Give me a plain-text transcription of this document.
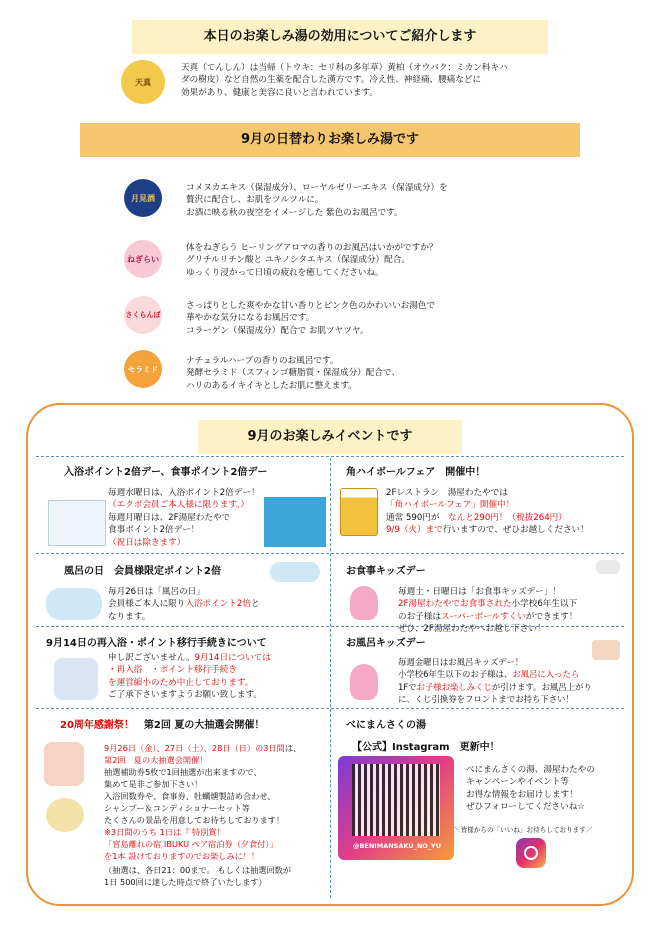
本日のお楽しみ湯の効用についてご紹介します
天真
天真（てんしん）は当帰（トウキ：セリ科の多年草）黄柏（オウバク：ミカン科キハ
ダの樹皮）など自然の生薬を配合した漢方です。冷え性、神経痛、腰痛などに
効果があり、健康と美容に良いと言われています。
9月の日替わりお楽しみ湯です
月見酒
コメヌカエキス（保湿成分）、ローヤルゼリーエキス（保湿成分）を
贅沢に配合し、お肌をツルツルに。
お酒に映る秋の夜空をイメージした 紫色のお風呂です。
ねぎらい
体をねぎらう ヒーリングアロマの香りのお風呂はいかがですか？
グリチルリチン酸と ユキノシタエキス（保湿成分）配合。
ゆっくり浸かって日頃の疲れを癒してくださいね。
さくらんぼ
さっぱりとした爽やかな甘い香りとピンク色のかわいいお湯色で
華やかな気分になるお風呂です。
コラーゲン（保湿成分）配合で お肌ツヤツヤ。
セラミド
ナチュラルハーブの香りのお風呂です。
発酵セラミド（スフィンゴ糖脂質・保湿成分）配合で、
ハリのあるイキイキとしたお肌に整えます。
9月のお楽しみイベントです
入浴ポイント2倍デー、食事ポイント2倍デー
毎週水曜日は、入浴ポイント2倍デー！
（エクボ会員ご本人様に限ります。）
毎週月曜日は、2F湯屋わたやで
食事ポイント2倍デー！
（祝日は除きます）
角ハイボールフェア　開催中！
2Fレストラン　湯屋わたやでは
「角ハイボールフェア」開催中！
通常 590円が　 なんと290円！（税抜264円）
9/9（火）まで行いますので、ぜひお越しください！
風呂の日　会員様限定ポイント2倍
毎月26日は「風呂の日」
会員様ご本人に限り入浴ポイント2倍と
なります。
お食事キッズデー
毎週土・日曜日は「お食事キッズデー」！
2F湯屋わたやでお食事された小学校6年生以下
のお子様はスーパーボールすくいができます！
ぜひ、2F湯屋わたやへお越し下さい！
9月14日の再入浴・ポイント移行手続きについて
申し訳ございません。9月14日については
・再入浴　・ポイント移行手続き
を運営縮小のため中止しております。
ご了承下さいますようお願い致します。
お風呂キッズデー
毎週金曜日はお風呂キッズデー！
小学校6年生以下のお子様は、お風呂に入ったら
1Fでお子様お楽しみくじが引けます。お風呂上がり
に、くじ引換券をフロントまでお持ち下さい！
20周年感謝祭！　 第2回 夏の大抽選会開催！
9月26日（金）、27日（土）、28日（日）の3日間は、
第2回　夏の大抽選会開催！
抽選補助券5枚で1回抽選が出来ますので、
集めて是非ご参加下さい！
入浴回数券や、食事券、牡蠣燻製詰め合わせ、
シャンプー＆コンディショナーセット等
たくさんの景品を用意してお待ちしております！
※3日間のうち 1日は『 特別賞！
「宮島離れの宿 IBUKU ペア宿泊券（夕食付）」
を1本 設けておりますのでお楽しみに！！
（抽選は、各日21：00まで。 もしくは抽選回数が
1日 500回に達した時点で終了いたします）
べにまんさくの湯
【公式】Instagram　更新中！
@BENIMANSAKU_NO_YU
べにまんさくの湯、湯屋わたやの
キャンペーンやイベント等
お得な情報をお届けします！
ぜひフォローしてくださいね☆
＼皆様からの「いいね」お待ちしております／
